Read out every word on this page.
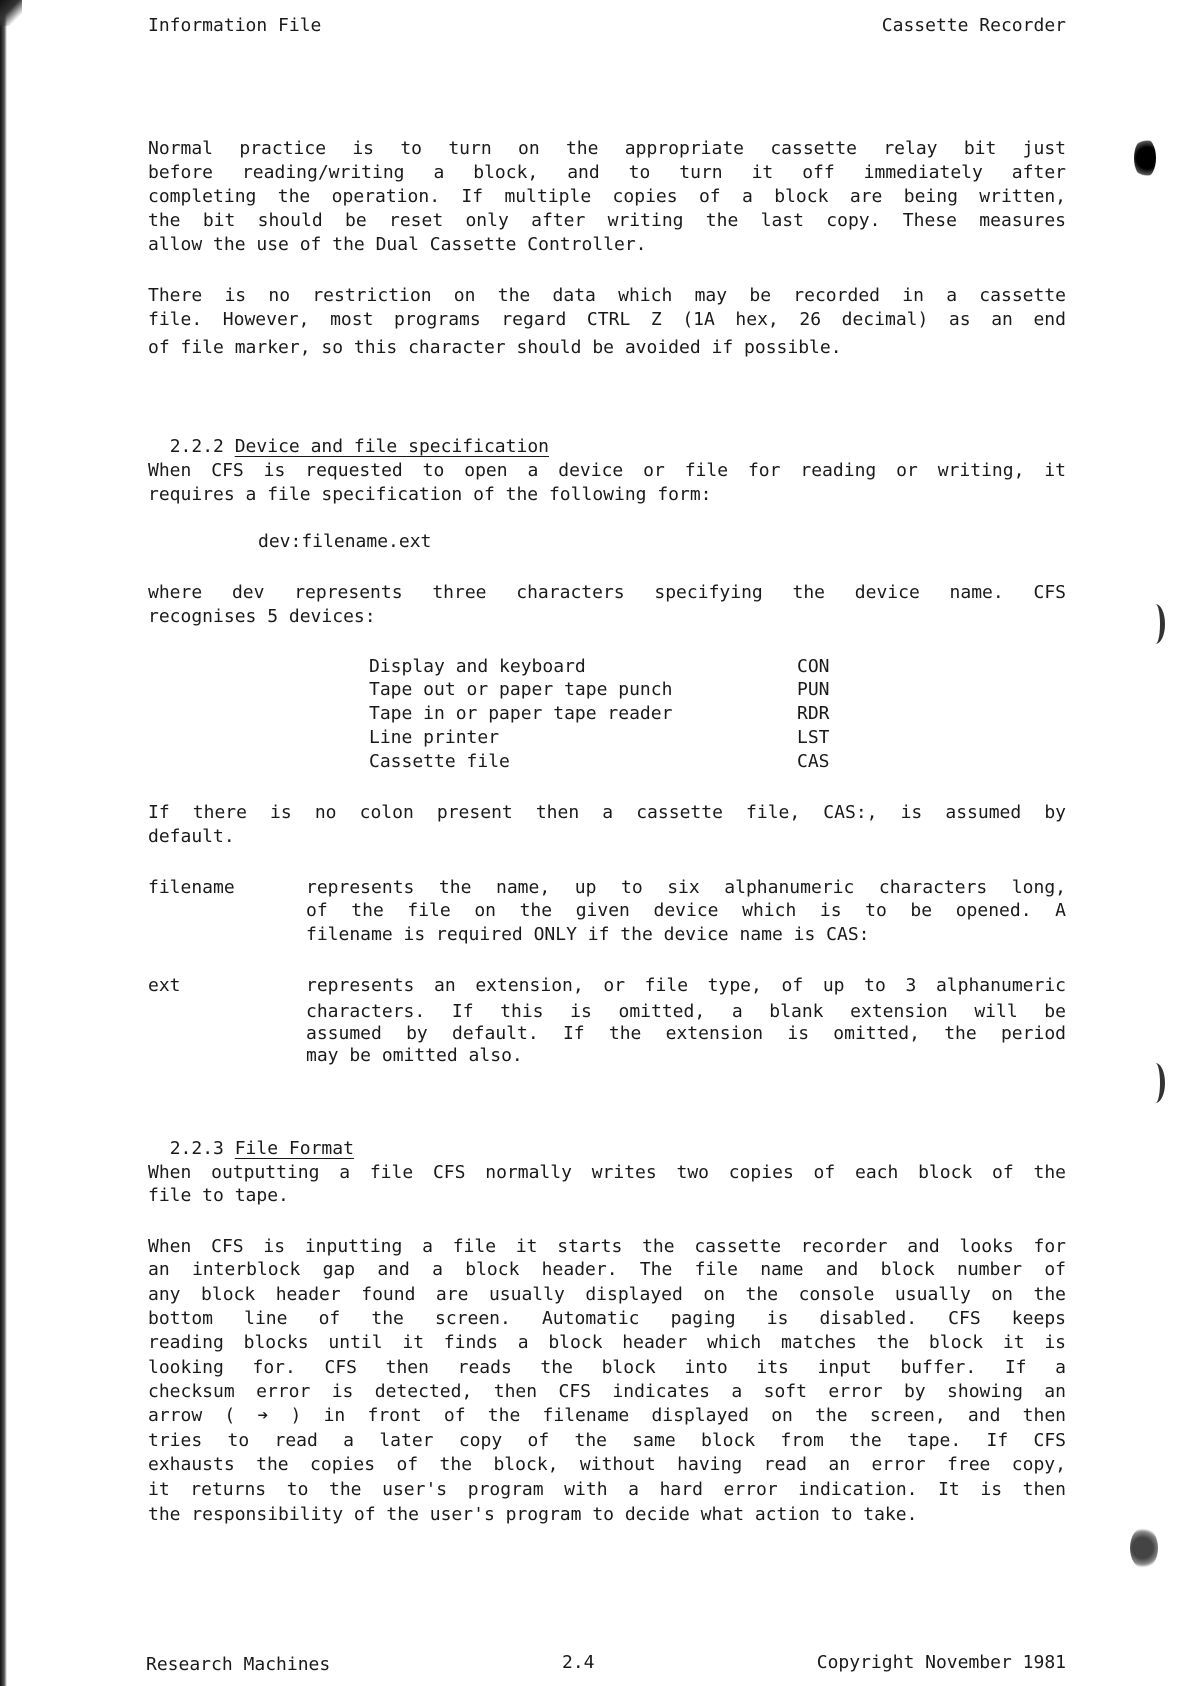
Information File	Cassette Recorder
Normal practice is to turn on the appropriate cassette relay bit just
before reading/writing a block, and to turn it off immediately after
completing the operation. If multiple copies of a block are being written,
the bit should be reset only after writing the last copy. These measures
allow the use of the Dual Cassette Controller.
There is no restriction on the data which may be recorded in a cassette
file. However, most programs regard CTRL Z (1A hex, 26 decimal) as an end
of file marker, so this character should be avoided if possible.

2.2.2 Device and file specification

When CFS is requested to open a device or file for reading or writing, it
requires a file specification of the following form:
dev:filename.ext
where dev represents three characters specifying the device name. CFS
recognises 5 devices:
Display and keyboard	CON
Tape out or paper tape punch	PUN
Tape in or paper tape reader	RDR
Line printer	LST
Cassette file	CAS
If there is no colon present then a cassette file, CAS:, is assumed by
default.
filename	represents the name, up to six alphanumeric characters long,
of the file on the given device which is to be opened. A
filename is required ONLY if the device name is CAS:
ext	represents an extension, or file type, of up to 3 alphanumeric
characters. If this is omitted, a blank extension will be
assumed by default. If the extension is omitted, the period
may be omitted also.

2.2.3 File Format

When outputting a file CFS normally writes two copies of each block of the
file to tape.
When CFS is inputting a file it starts the cassette recorder and looks for
an interblock gap and a block header. The file name and block number of
any block header found are usually displayed on the console usually on the
bottom line of the screen. Automatic paging is disabled. CFS keeps
reading blocks until it finds a block header which matches the block it is
looking for. CFS then reads the block into its input buffer. If a
checksum error is detected, then CFS indicates a soft error by showing an
arrow ( ➔ ) in front of the filename displayed on the screen, and then
tries to read a later copy of the same block from the tape. If CFS
exhausts the copies of the block, without having read an error free copy,
it returns to the user's program with a hard error indication. It is then
the responsibility of the user's program to decide what action to take.
Research Machines	2.4	Copyright November 1981
